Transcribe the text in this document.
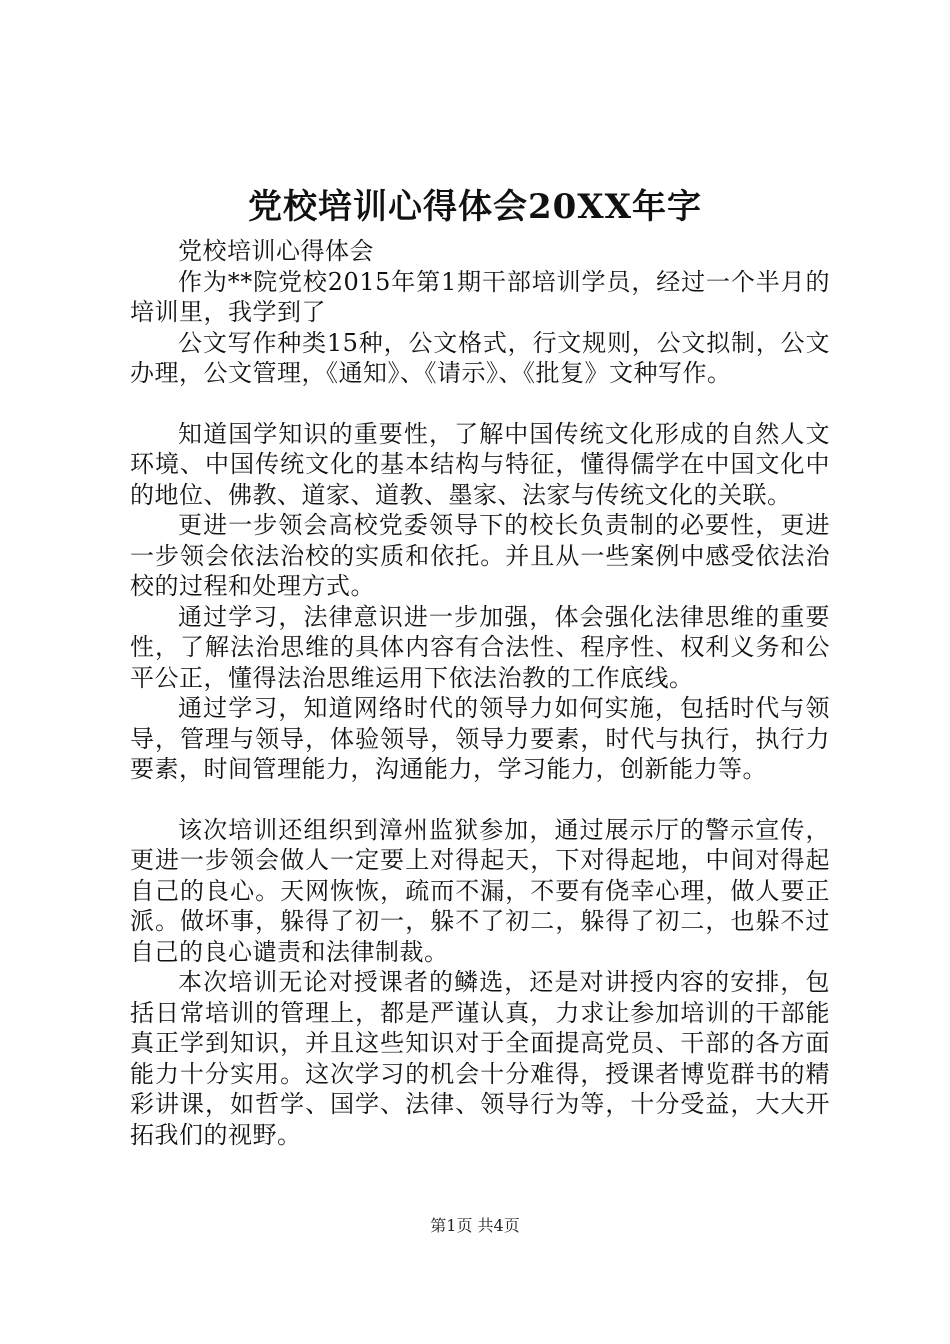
党校培训心得体会20XX年字

党校培训心得体会

作为**院党校2015年第1期干部培训学员，经过一个半月的培训里，我学到了

公文写作种类15种，公文格式，行文规则，公文拟制，公文办理，公文管理，《通知》、《请示》、《批复》文种写作。

知道国学知识的重要性，了解中国传统文化形成的自然人文环境、中国传统文化的基本结构与特征，懂得儒学在中国文化中的地位、佛教、道家、道教、墨家、法家与传统文化的关联。

更进一步领会高校党委领导下的校长负责制的必要性，更进一步领会依法治校的实质和依托。并且从一些案例中感受依法治校的过程和处理方式。

通过学习，法律意识进一步加强，体会强化法律思维的重要性，了解法治思维的具体内容有合法性、程序性、权利义务和公平公正，懂得法治思维运用下依法治教的工作底线。

通过学习，知道网络时代的领导力如何实施，包括时代与领导，管理与领导，体验领导，领导力要素，时代与执行，执行力要素，时间管理能力，沟通能力，学习能力，创新能力等。

该次培训还组织到漳州监狱参加，通过展示厅的警示宣传，更进一步领会做人一定要上对得起天，下对得起地，中间对得起自己的良心。天网恢恢，疏而不漏，不要有侥幸心理，做人要正派。做坏事，躲得了初一，躲不了初二，躲得了初二，也躲不过自己的良心谴责和法律制裁。

本次培训无论对授课者的鳞选，还是对讲授内容的安排，包括日常培训的管理上，都是严谨认真，力求让参加培训的干部能真正学到知识，并且这些知识对于全面提高党员、干部的各方面能力十分实用。这次学习的机会十分难得，授课者博览群书的精彩讲课，如哲学、国学、法律、领导行为等，十分受益，大大开拓我们的视野。

第1页 共4页
